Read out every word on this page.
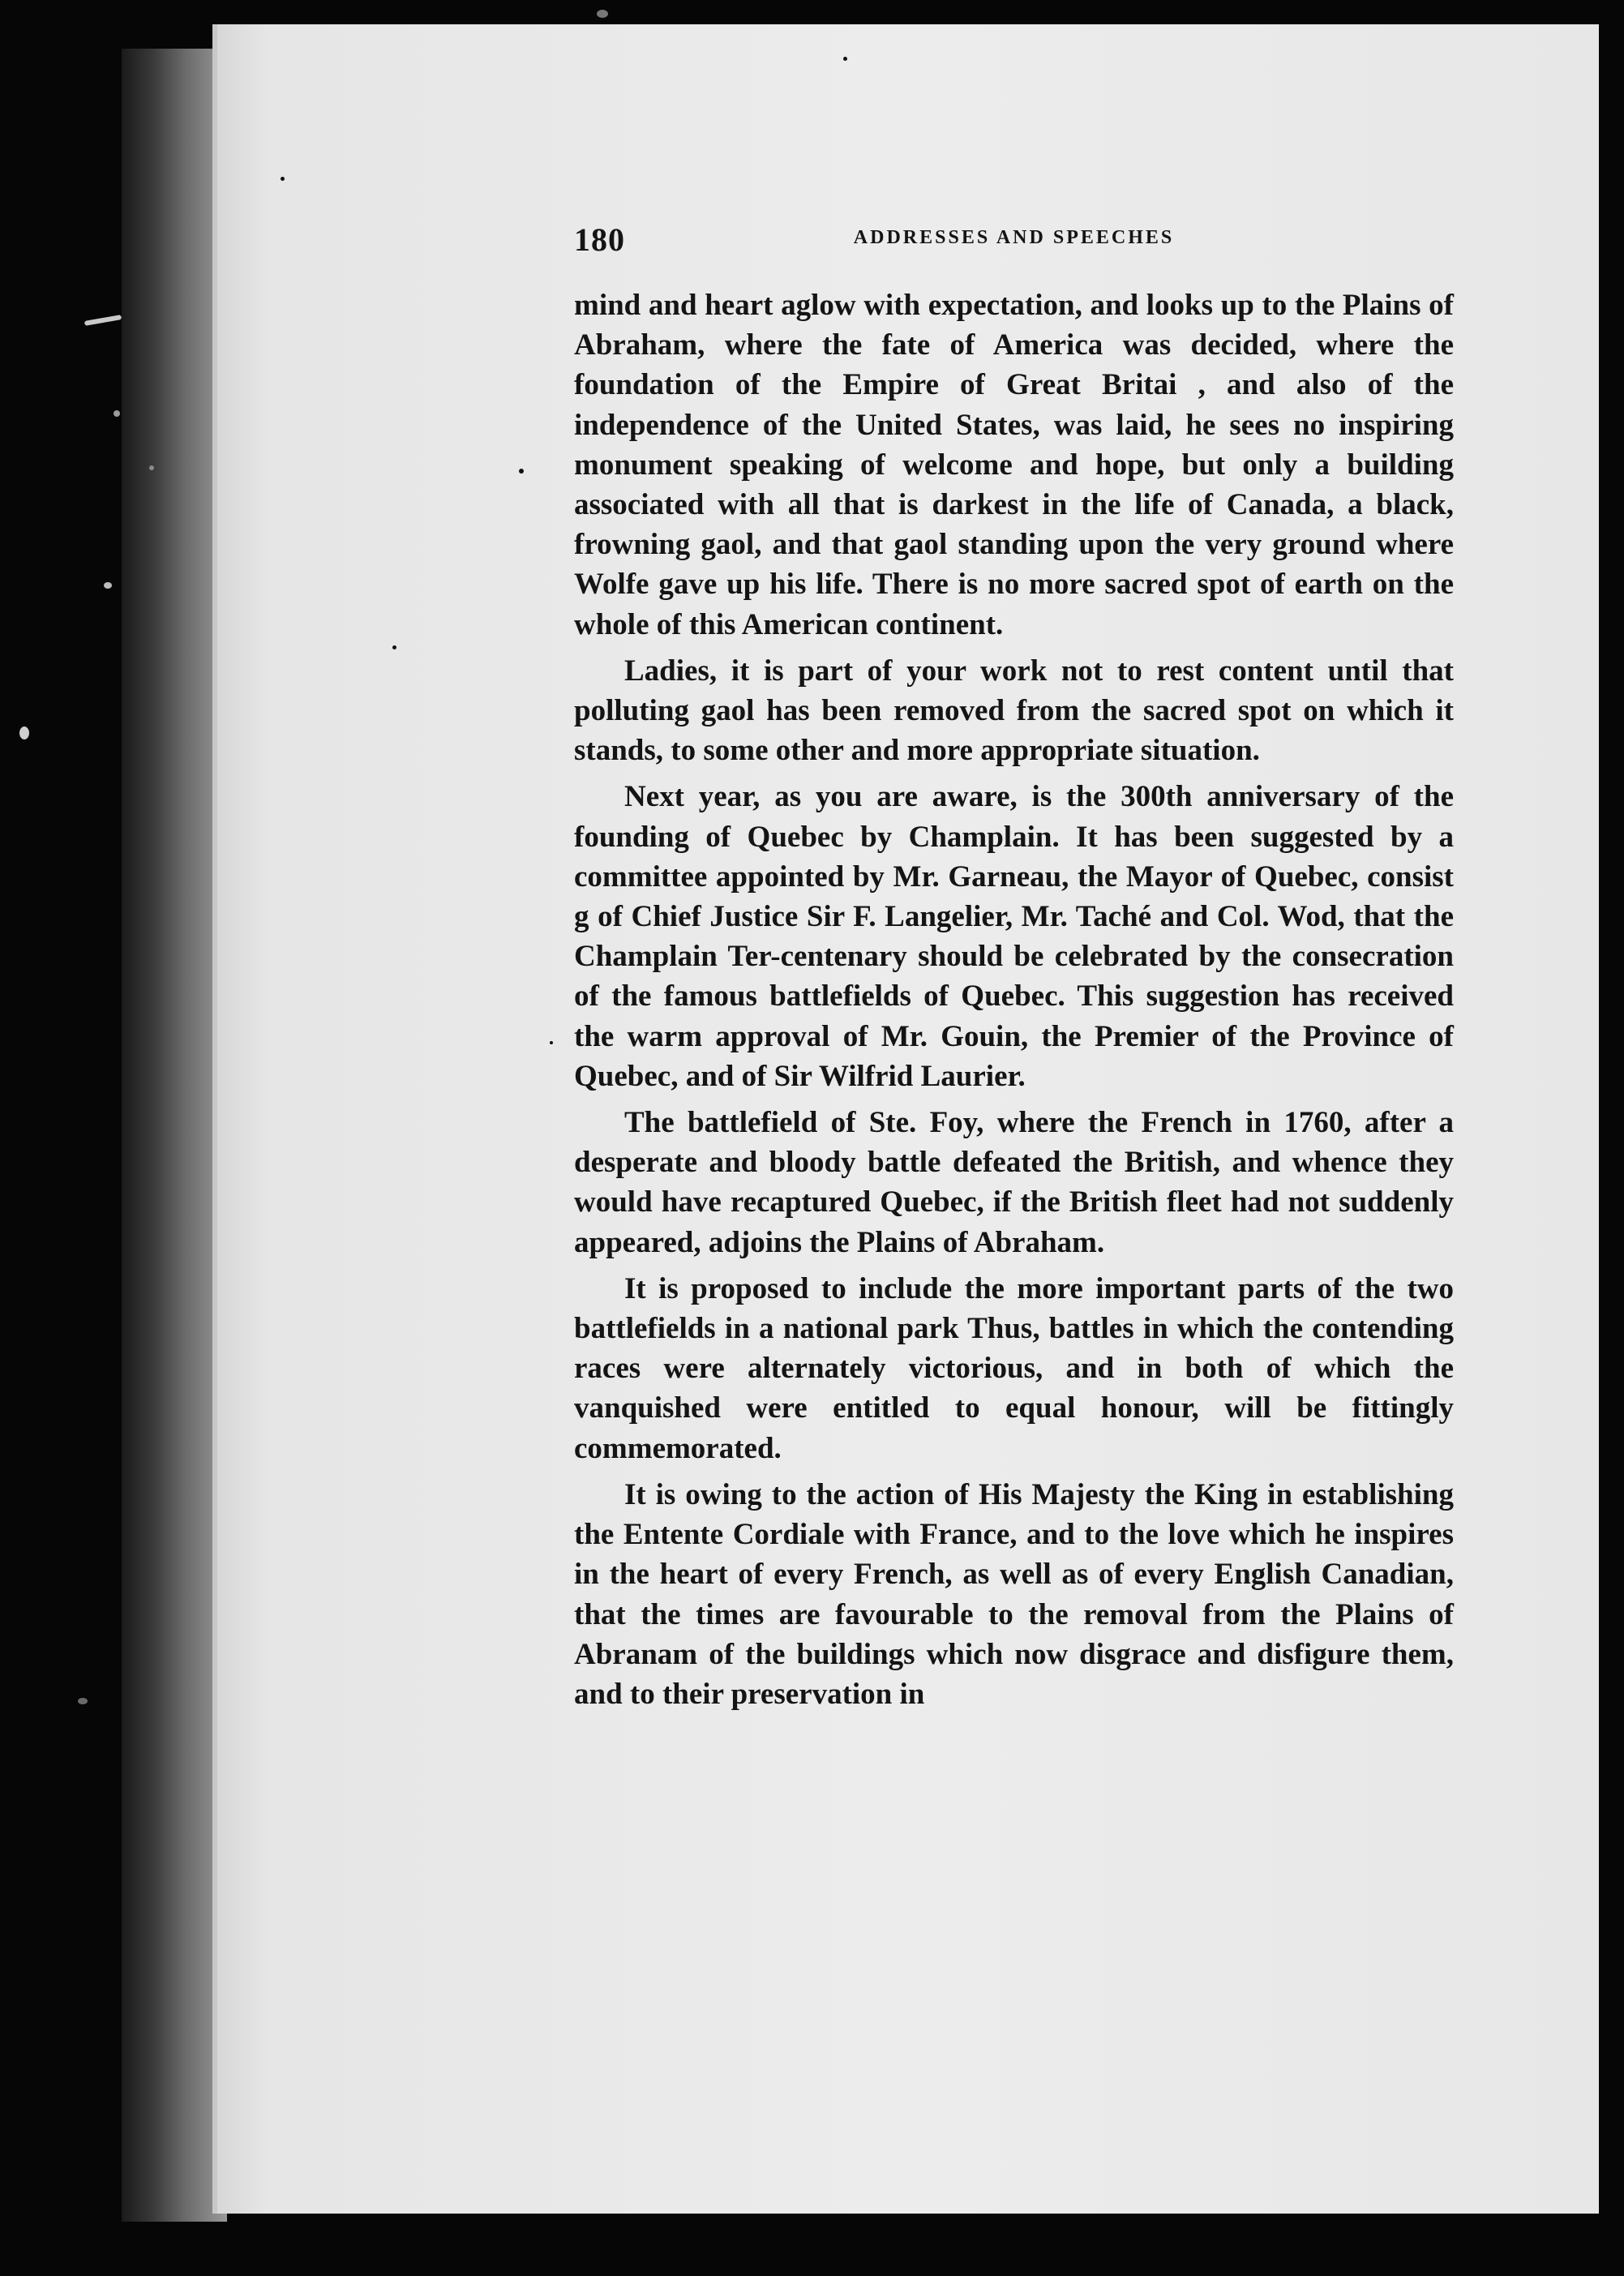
180	ADDRESSES AND SPEECHES

mind and heart aglow with expectation, and looks up to the Plains of Abraham, where the fate of America was decided, where the foundation of the Empire of Great Britai , and also of the independence of the United States, was laid, he sees no inspiring monument speaking of welcome and hope, but only a building associated with all that is darkest in the life of Canada, a black, frowning gaol, and that gaol standing upon the very ground where Wolfe gave up his life. There is no more sacred spot of earth on the whole of this American continent.

Ladies, it is part of your work not to rest content until that polluting gaol has been removed from the sacred spot on which it stands, to some other and more appropriate situation.

Next year, as you are aware, is the 300th anniversary of the founding of Quebec by Champlain. It has been suggested by a committee appointed by Mr. Garneau, the Mayor of Quebec, consist g of Chief Justice Sir F. Langelier, Mr. Taché and Col. Wod, that the Champlain Ter-centenary should be celebrated by the consecration of the famous battlefields of Quebec. This suggestion has received the warm approval of Mr. Gouin, the Premier of the Province of Quebec, and of Sir Wilfrid Laurier.

The battlefield of Ste. Foy, where the French in 1760, after a desperate and bloody battle defeated the British, and whence they would have recaptured Quebec, if the British fleet had not suddenly appeared, adjoins the Plains of Abraham.

It is proposed to include the more important parts of the two battlefields in a national park Thus, battles in which the contending races were alternately victorious, and in both of which the vanquished were entitled to equal honour, will be fittingly commemorated.

It is owing to the action of His Majesty the King in establishing the Entente Cordiale with France, and to the love which he inspires in the heart of every French, as well as of every English Canadian, that the times are favourable to the removal from the Plains of Abranam of the buildings which now disgrace and disfigure them, and to their preservation in
